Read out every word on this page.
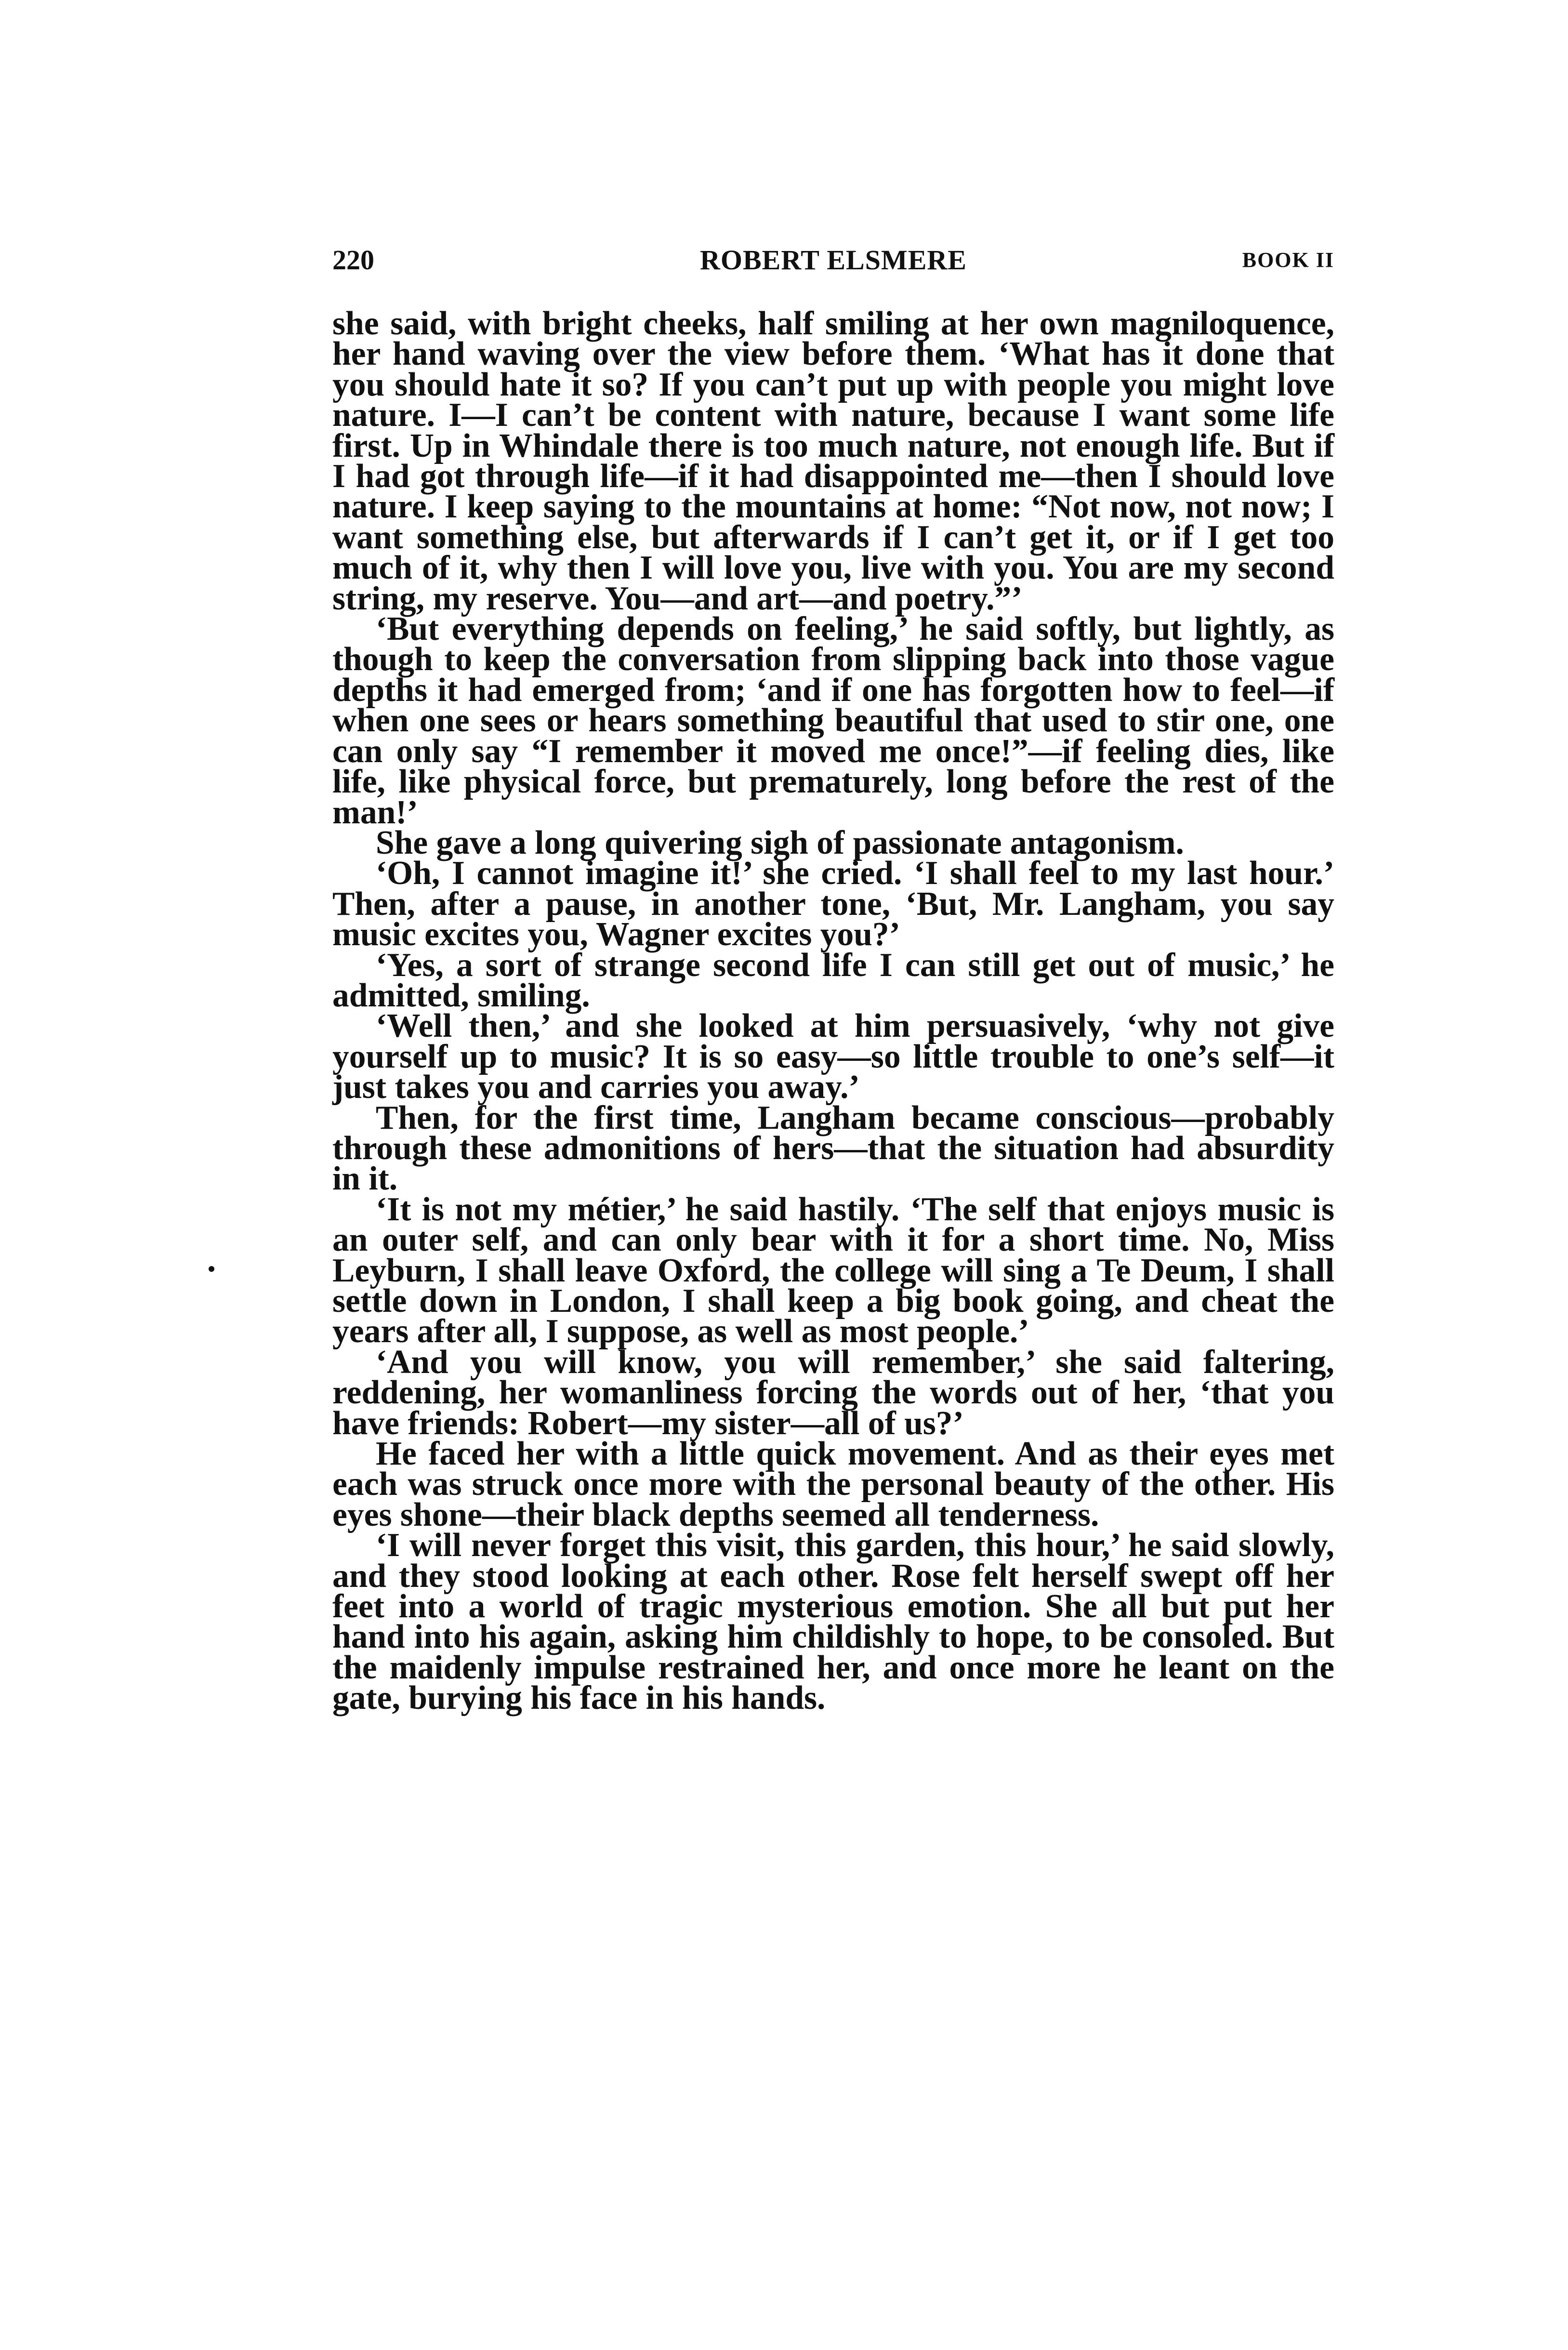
220	ROBERT ELSMERE	BOOK II

she said, with bright cheeks, half smiling at her own magniloquence, her hand waving over the view before them. ‘What has it done that you should hate it so? If you can’t put up with people you might love nature. I—I can’t be content with nature, because I want some life first. Up in Whindale there is too much nature, not enough life. But if I had got through life—if it had disappointed me—then I should love nature. I keep saying to the mountains at home: “Not now, not now; I want something else, but afterwards if I can’t get it, or if I get too much of it, why then I will love you, live with you. You are my second string, my reserve. You—and art—and poetry.”’

‘But everything depends on feeling,’ he said softly, but lightly, as though to keep the conversation from slipping back into those vague depths it had emerged from; ‘and if one has forgotten how to feel—if when one sees or hears something beautiful that used to stir one, one can only say “I remember it moved me once!”—if feeling dies, like life, like physical force, but prematurely, long before the rest of the man!’

She gave a long quivering sigh of passionate antagonism.

‘Oh, I cannot imagine it!’ she cried. ‘I shall feel to my last hour.’ Then, after a pause, in another tone, ‘But, Mr. Langham, you say music excites you, Wagner excites you?’

‘Yes, a sort of strange second life I can still get out of music,’ he admitted, smiling.

‘Well then,’ and she looked at him persuasively, ‘why not give yourself up to music? It is so easy—so little trouble to one’s self—it just takes you and carries you away.’

Then, for the first time, Langham became conscious—probably through these admonitions of hers—that the situation had absurdity in it.

‘It is not my métier,’ he said hastily. ‘The self that enjoys music is an outer self, and can only bear with it for a short time. No, Miss Leyburn, I shall leave Oxford, the college will sing a Te Deum, I shall settle down in London, I shall keep a big book going, and cheat the years after all, I suppose, as well as most people.’

‘And you will know, you will remember,’ she said faltering, reddening, her womanliness forcing the words out of her, ‘that you have friends: Robert—my sister—all of us?’

He faced her with a little quick movement. And as their eyes met each was struck once more with the personal beauty of the other. His eyes shone—their black depths seemed all tenderness.

‘I will never forget this visit, this garden, this hour,’ he said slowly, and they stood looking at each other. Rose felt herself swept off her feet into a world of tragic mysterious emotion. She all but put her hand into his again, asking him childishly to hope, to be consoled. But the maidenly impulse restrained her, and once more he leant on the gate, burying his face in his hands.
